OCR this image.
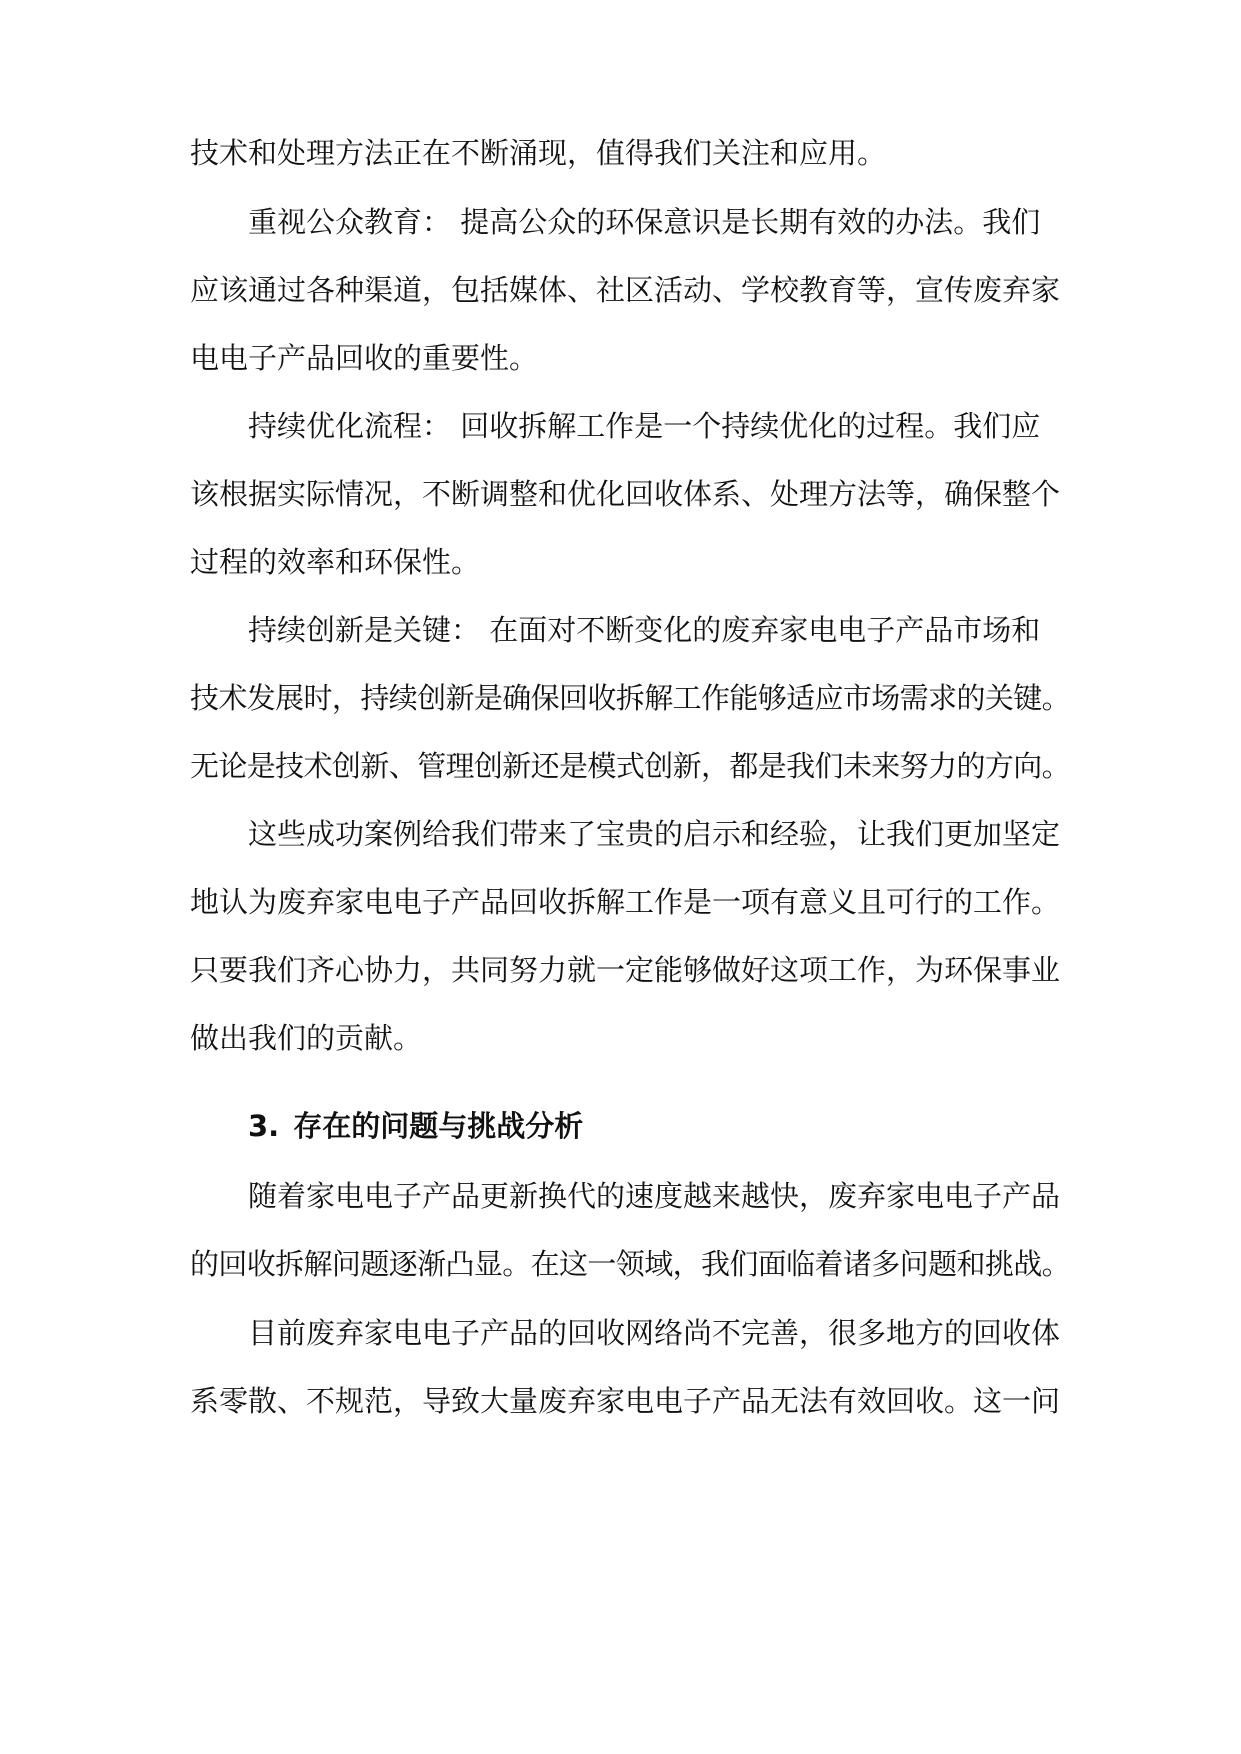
技术和处理方法正在不断涌现，值得我们关注和应用。
重视公众教育： 提高公众的环保意识是长期有效的办法。我们
应该通过各种渠道，包括媒体、社区活动、学校教育等，宣传废弃家
电电子产品回收的重要性。
持续优化流程： 回收拆解工作是一个持续优化的过程。我们应
该根据实际情况，不断调整和优化回收体系、处理方法等，确保整个
过程的效率和环保性。
持续创新是关键： 在面对不断变化的废弃家电电子产品市场和
技术发展时，持续创新是确保回收拆解工作能够适应市场需求的关键。
无论是技术创新、管理创新还是模式创新，都是我们未来努力的方向。
这些成功案例给我们带来了宝贵的启示和经验，让我们更加坚定
地认为废弃家电电子产品回收拆解工作是一项有意义且可行的工作。
只要我们齐心协力，共同努力就一定能够做好这项工作，为环保事业
做出我们的贡献。
3. 存在的问题与挑战分析
随着家电电子产品更新换代的速度越来越快，废弃家电电子产品
的回收拆解问题逐渐凸显。在这一领域，我们面临着诸多问题和挑战。
目前废弃家电电子产品的回收网络尚不完善，很多地方的回收体
系零散、不规范，导致大量废弃家电电子产品无法有效回收。这一问
